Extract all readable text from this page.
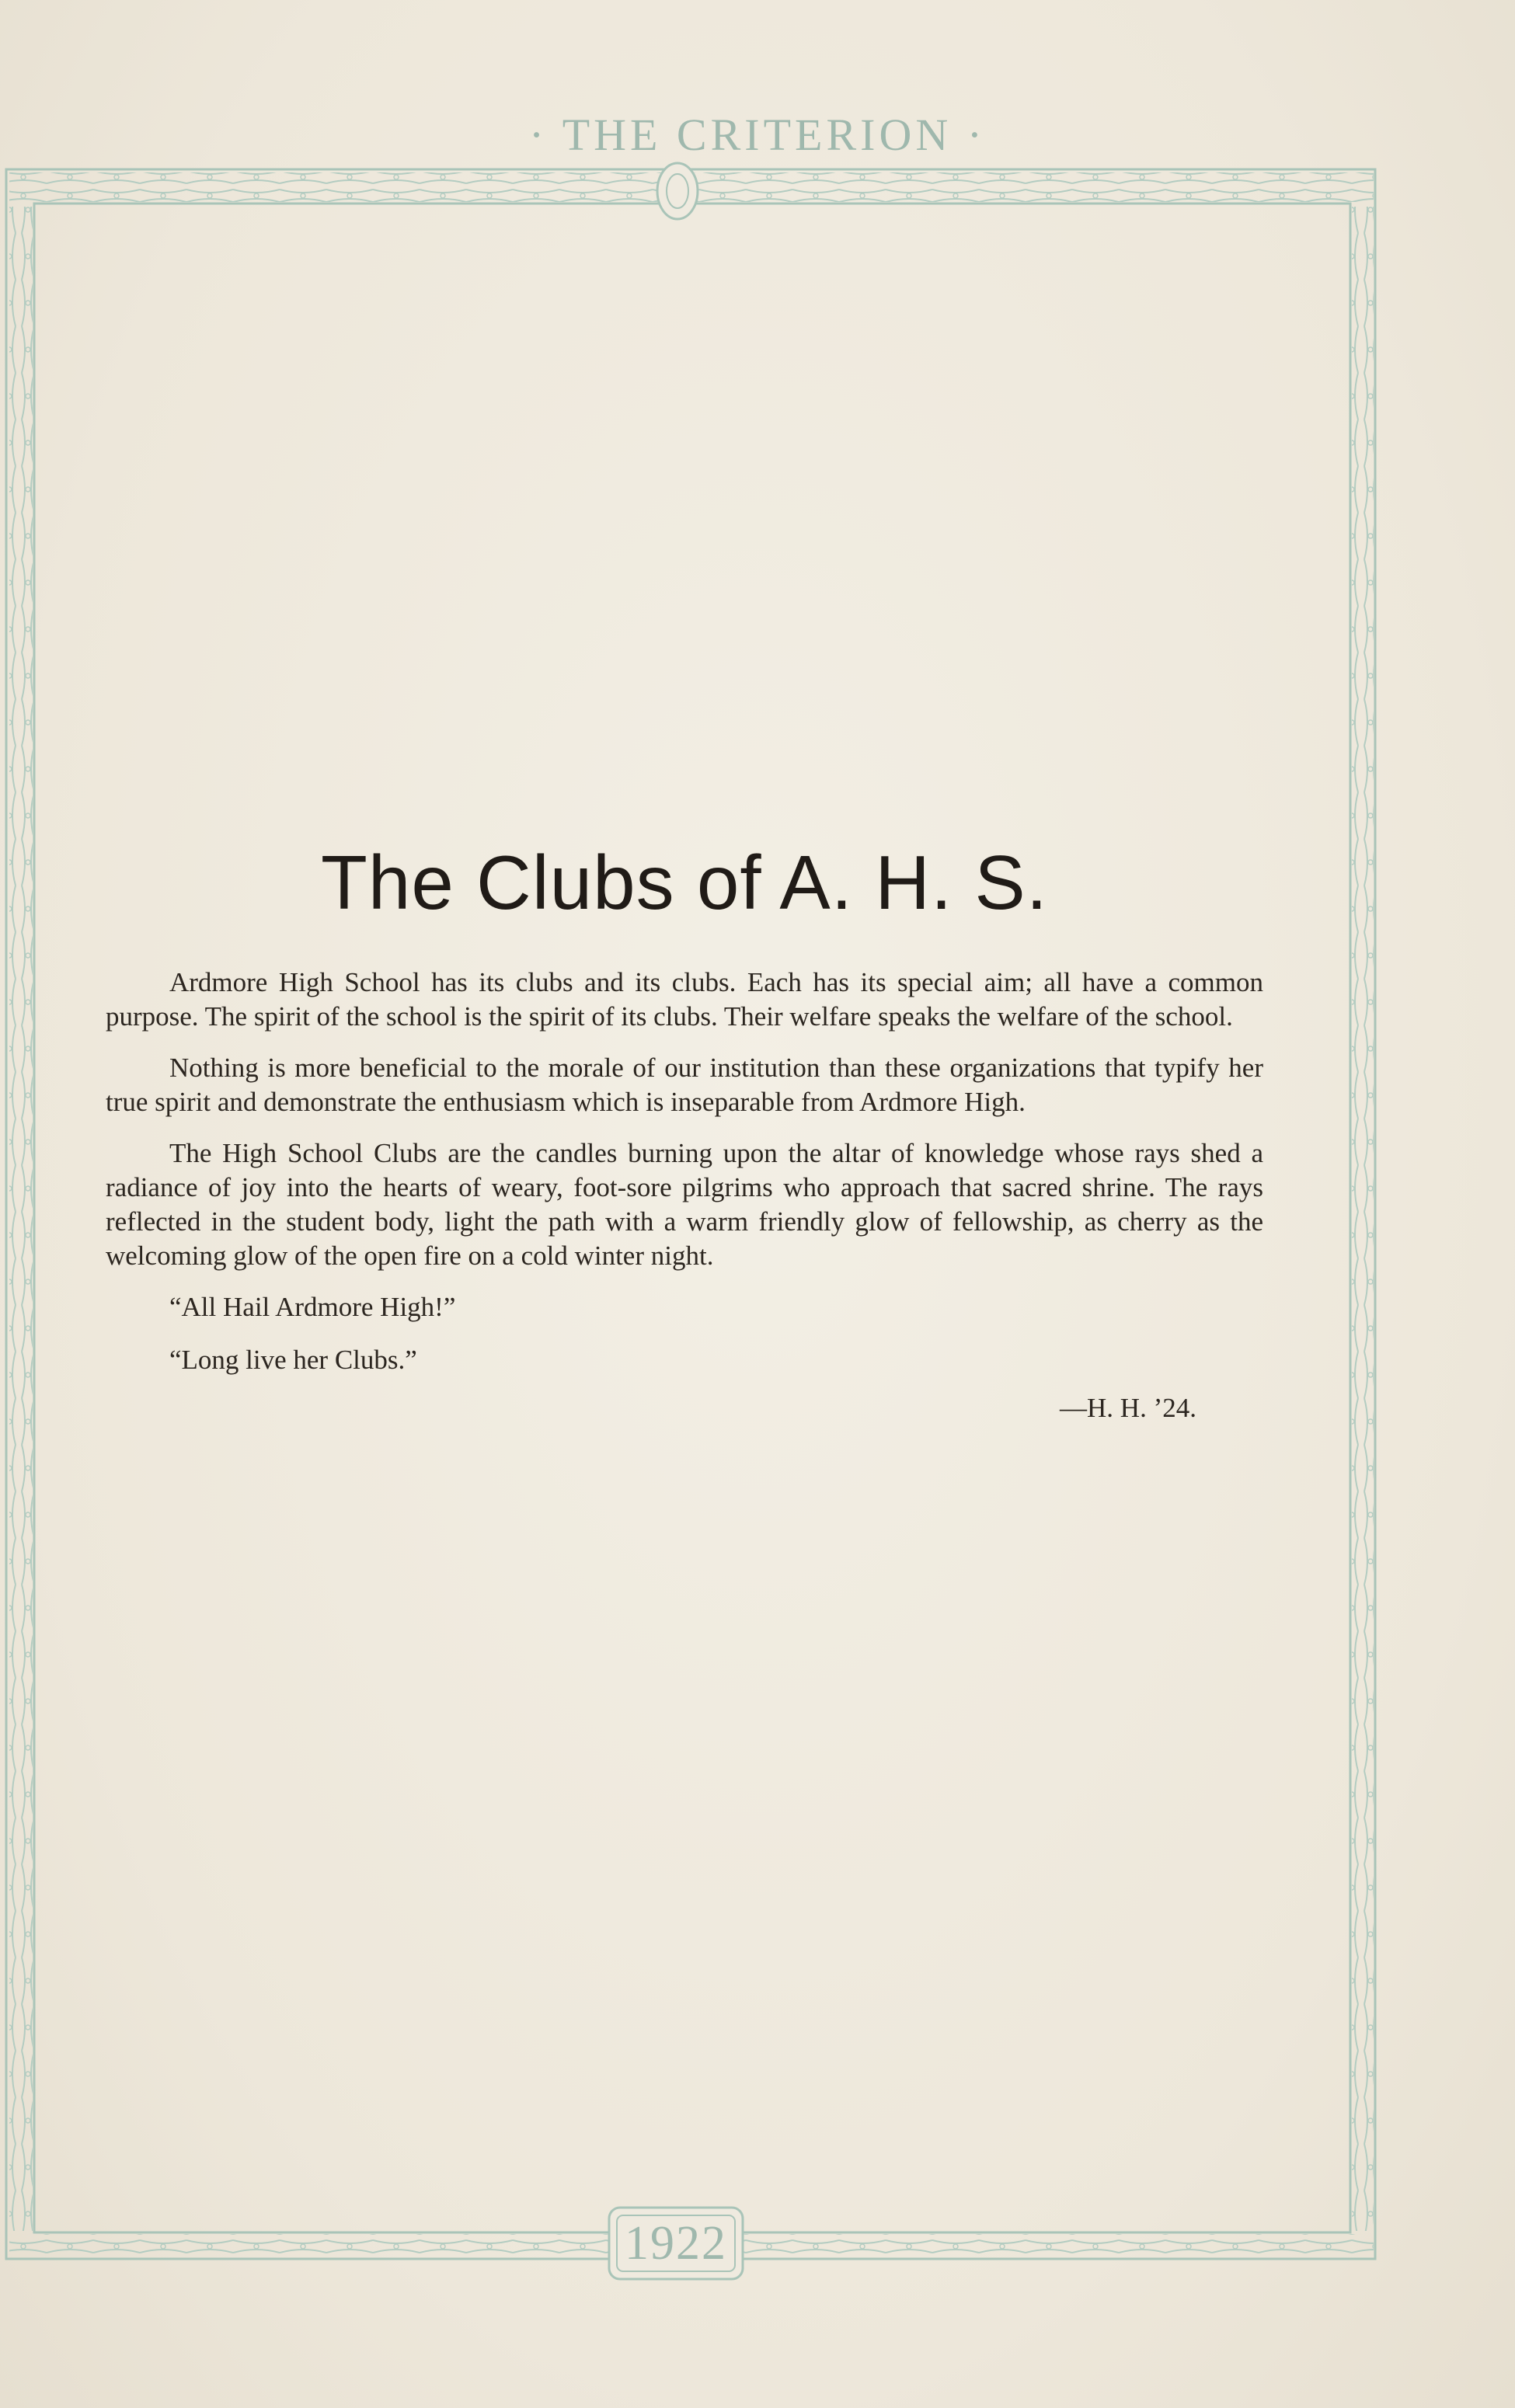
· THE CRITERION ·
1922
The Clubs of A. H. S.

Ardmore High School has its clubs and its clubs. Each has its special aim; all have a common purpose. The spirit of the school is the spirit of its clubs. Their welfare speaks the welfare of the school.

Nothing is more beneficial to the morale of our institution than these organizations that typify her true spirit and demonstrate the enthusiasm which is inseparable from Ardmore High.

The High School Clubs are the candles burning upon the altar of knowledge whose rays shed a radiance of joy into the hearts of weary, foot-sore pilgrims who approach that sacred shrine. The rays reflected in the student body, light the path with a warm friendly glow of fellowship, as cherry as the welcoming glow of the open fire on a cold winter night.

“All Hail Ardmore High!”

“Long live her Clubs.”

—H. H. ’24.
